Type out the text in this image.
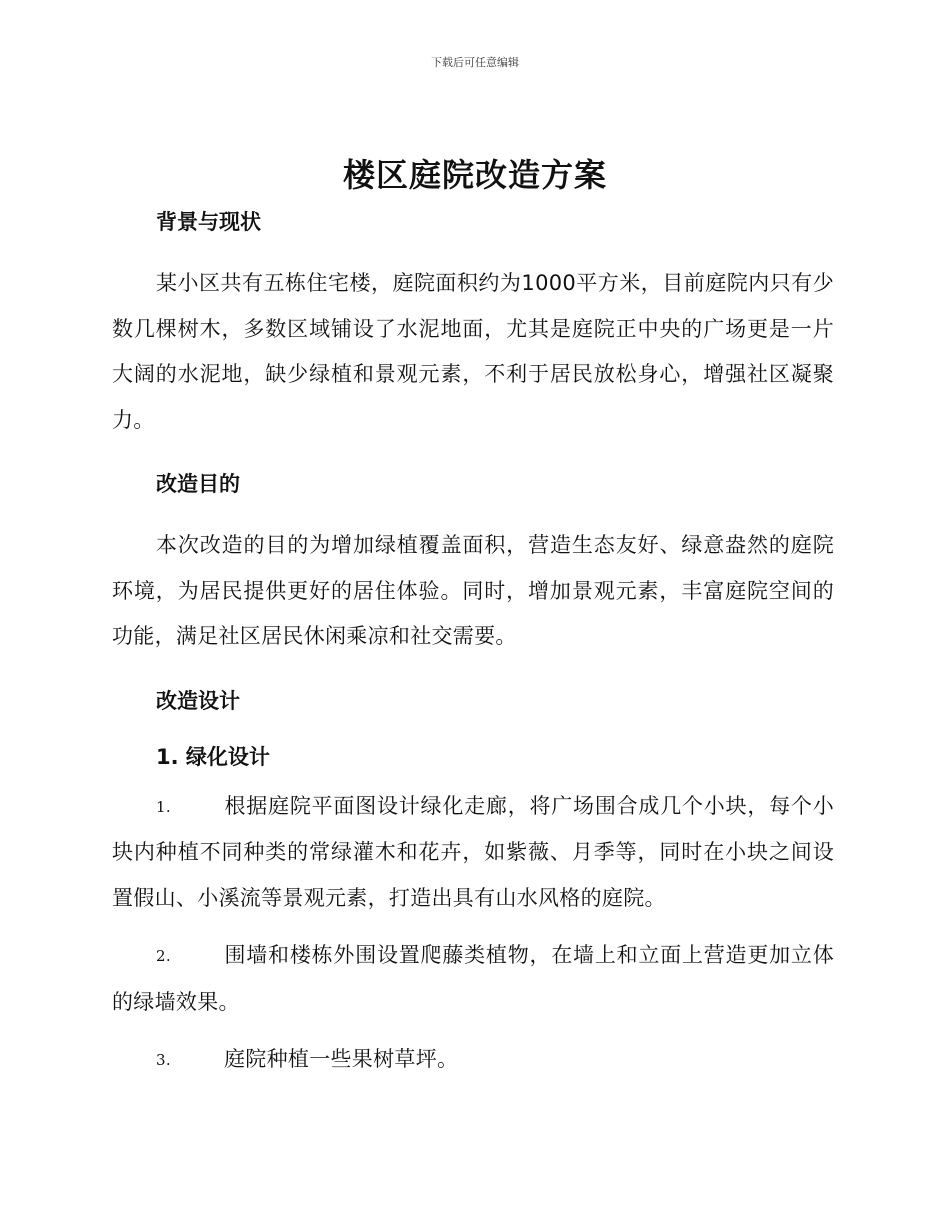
下载后可任意编辑
楼区庭院改造方案
背景与现状

某小区共有五栋住宅楼，庭院面积约为1000平方米，目前庭院内只有少数几棵树木，多数区域铺设了水泥地面，尤其是庭院正中央的广场更是一片大阔的水泥地，缺少绿植和景观元素，不利于居民放松身心，增强社区凝聚力。

改造目的

本次改造的目的为增加绿植覆盖面积，营造生态友好、绿意盎然的庭院环境，为居民提供更好的居住体验。同时，增加景观元素，丰富庭院空间的功能，满足社区居民休闲乘凉和社交需要。

改造设计
1. 绿化设计

1.	根据庭院平面图设计绿化走廊，将广场围合成几个小块，每个小块内种植不同种类的常绿灌木和花卉，如紫薇、月季等，同时在小块之间设置假山、小溪流等景观元素，打造出具有山水风格的庭院。

2.	围墙和楼栋外围设置爬藤类植物，在墙上和立面上营造更加立体的绿墙效果。

3.	庭院种植一些果树草坪。
